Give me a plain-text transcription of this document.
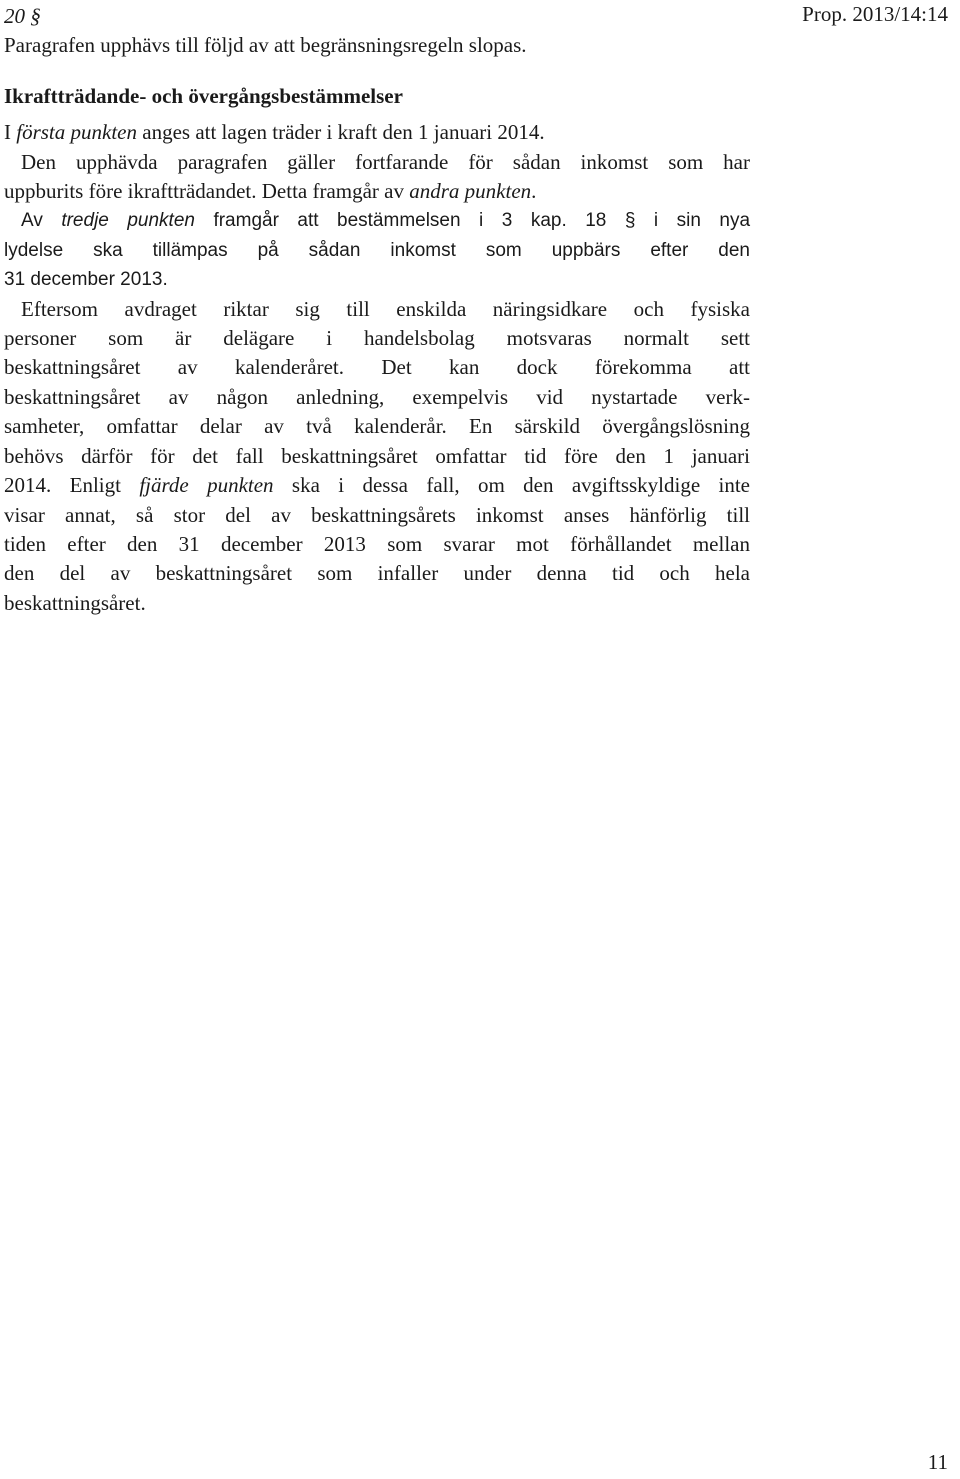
Prop. 2013/14:14
20 §
Paragrafen upphävs till följd av att begränsningsregeln slopas.
Ikraftträdande- och övergångsbestämmelser
I första punkten anges att lagen träder i kraft den 1 januari 2014.
Den upphävda paragrafen gäller fortfarande för sådan inkomst som har
uppburits före ikraftträdandet. Detta framgår av andra punkten.
Av tredje punkten framgår att bestämmelsen i 3 kap. 18 § i sin nya
lydelse ska tillämpas på sådan inkomst som uppbärs efter den
31 december 2013.
Eftersom avdraget riktar sig till enskilda näringsidkare och fysiska
personer som är delägare i handelsbolag motsvaras normalt sett
beskattningsåret av kalenderåret. Det kan dock förekomma att
beskattningsåret av någon anledning, exempelvis vid nystartade verk-
samheter, omfattar delar av två kalenderår. En särskild övergångslösning
behövs därför för det fall beskattningsåret omfattar tid före den 1 januari
2014. Enligt fjärde punkten ska i dessa fall, om den avgiftsskyldige inte
visar annat, så stor del av beskattningsårets inkomst anses hänförlig till
tiden efter den 31 december 2013 som svarar mot förhållandet mellan
den del av beskattningsåret som infaller under denna tid och hela
beskattningsåret.
11
